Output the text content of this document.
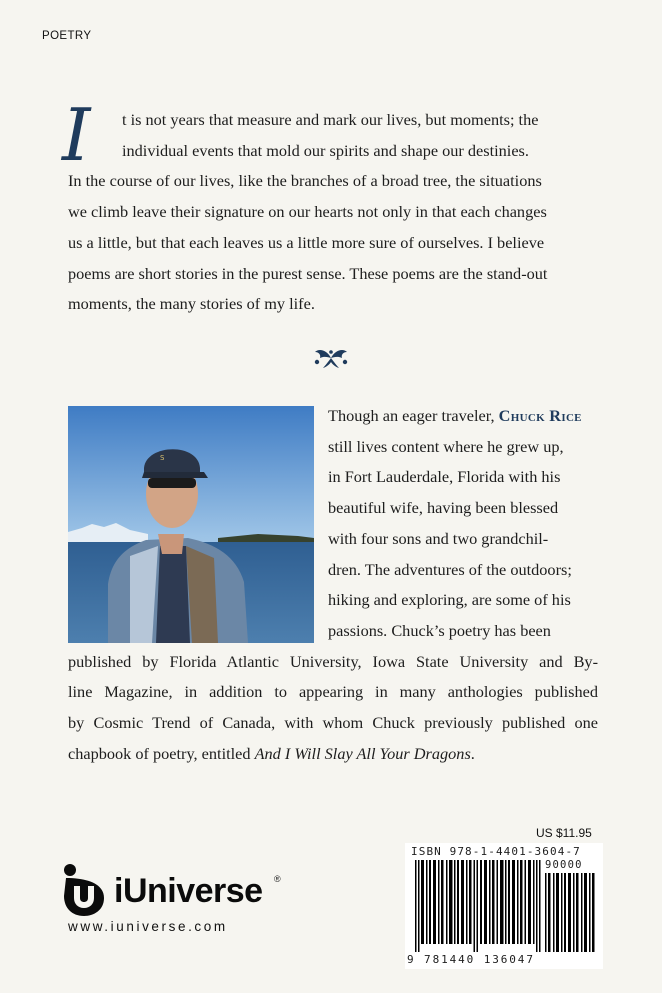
POETRY
I	t is not years that measure and mark our lives, but moments; the
individual events that mold our spirits and shape our destinies.
In the course of our lives, like the branches of a broad tree, the situations
we climb leave their signature on our hearts not only in that each changes
us a little, but that each leaves us a little more sure of ourselves. I believe
poems are short stories in the purest sense. These poems are the stand-out
moments, the many stories of my life.
S
Though an eager traveler, Chuck Rice
still lives content where he grew up,
in Fort Lauderdale, Florida with his
beautiful wife, having been blessed
with four sons and two grandchil-
dren. The adventures of the outdoors;
hiking and exploring, are some of his
passions. Chuck’s poetry has been
published by Florida Atlantic University, Iowa State University and By-
line Magazine, in addition to appearing in many anthologies published
by Cosmic Trend of Canada, with whom Chuck previously published one
chapbook of poetry, entitled And I Will Slay All Your Dragons.
iUniverse ®
www.iuniverse.com
US $11.95
ISBN 978-1-4401-3604-7
90000
9 781440 136047
